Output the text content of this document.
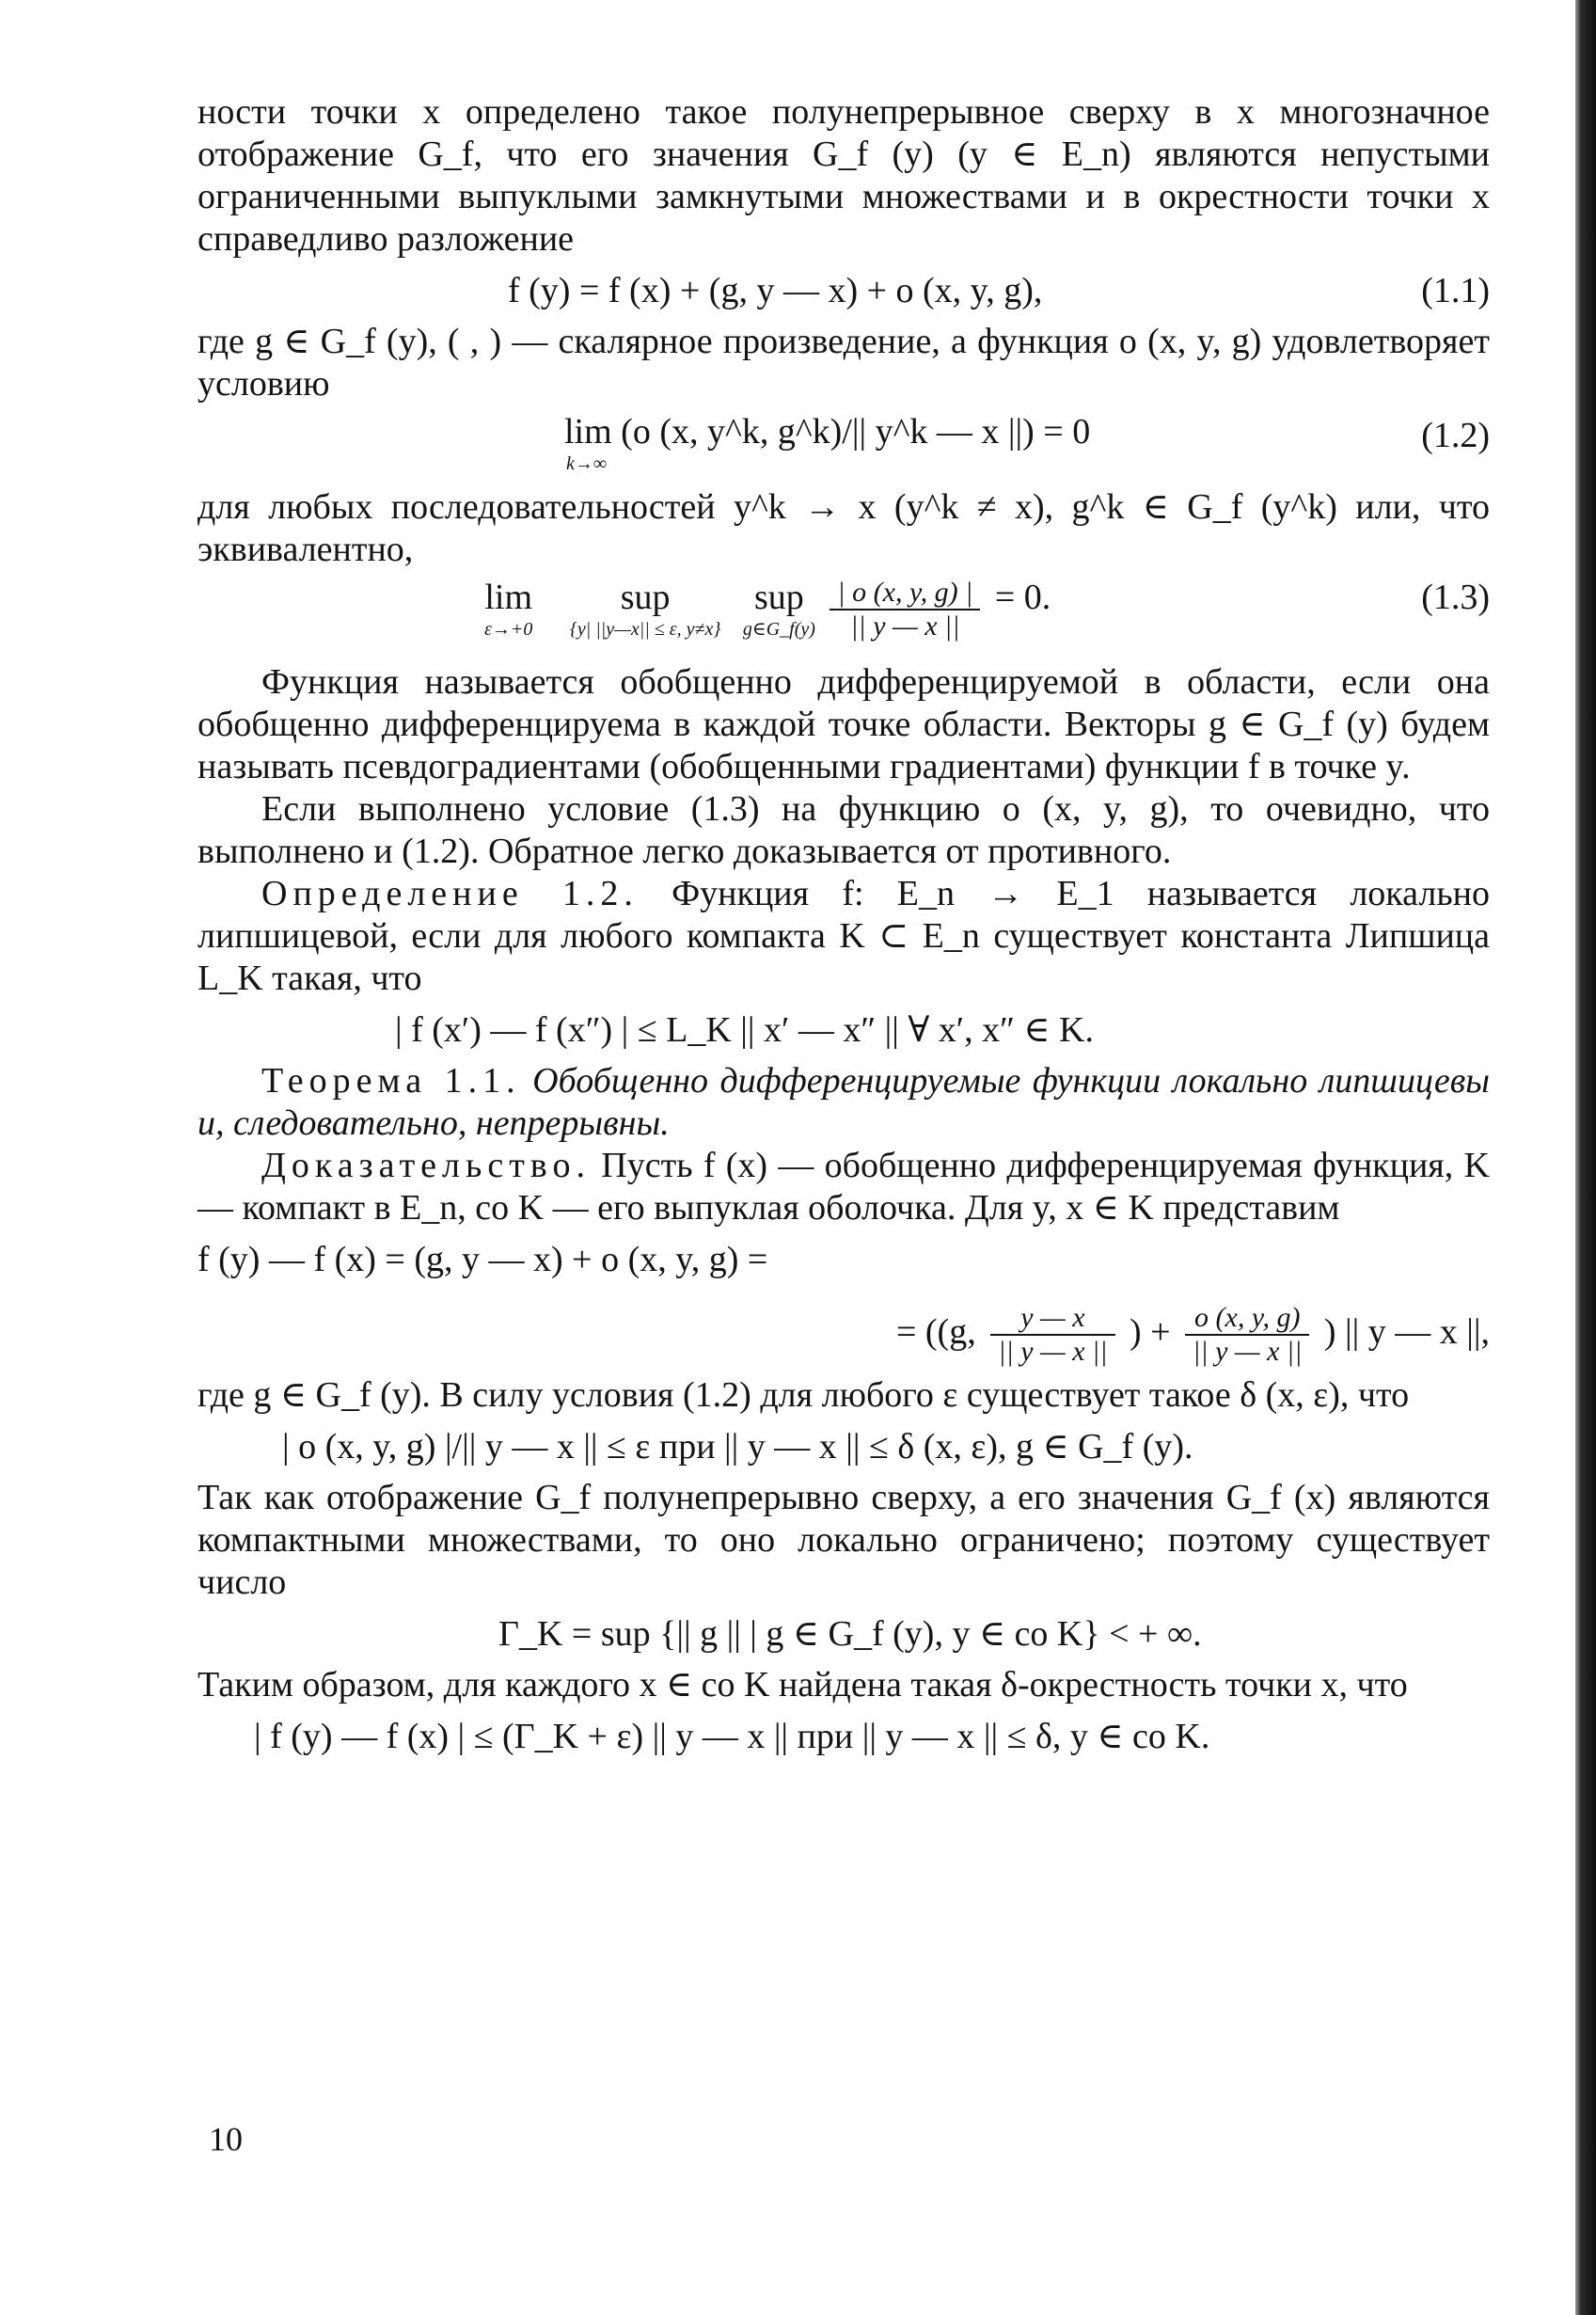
ности точки x определено такое полунепрерывное сверху в x многозначное отображение G_f, что его значения G_f (y) (y ∈ E_n) являются непустыми ограниченными выпуклыми замкнутыми множествами и в окрестности точки x справедливо разложение

f (y) = f (x) + (g, y — x) + o (x, y, g),	(1.1)

где g ∈ G_f (y), ( , ) — скалярное произведение, а функция o (x, y, g) удовлетворяет условию

lim (o (x, y^k, g^k)/|| y^k — x ||) = 0
k→∞
(1.2)

для любых последовательностей y^k → x (y^k ≠ x), g^k ∈ G_f (y^k) или, что эквивалентно,

lim
ε→+0
sup
{y| ||y—x|| ≤ ε, y≠x}
sup
g∈G_f(y)
$\frac{| o (x, y, g) |}{|| y — x ||} = 0$.	(1.3)

Функция называется обобщенно дифференцируемой в области, если она обобщенно дифференцируема в каждой точке области. Векторы g ∈ G_f (y) будем называть псевдоградиентами (обобщенными градиентами) функции f в точке y.

Если выполнено условие (1.3) на функцию o (x, y, g), то очевидно, что выполнено и (1.2). Обратное легко доказывается от противного.

Определение 1.2. Функция f: E_n → E_1 называется локально липшицевой, если для любого компакта K ⊂ E_n существует константа Липшица L_K такая, что

| f (x′) — f (x″) | ≤ L_K || x′ — x″ || ∀ x′, x″ ∈ K.

Теорема 1.1. Обобщенно дифференцируемые функции локально липшицевы и, следовательно, непрерывны.

Доказательство. Пусть f (x) — обобщенно дифференцируемая функция, K — компакт в E_n, co K — его выпуклая оболочка. Для y, x ∈ K представим

f (y) — f (x) = (g, y — x) + o (x, y, g) =
= ((g, $\frac{y — x}{|| y — x ||}$ ) + $\frac{o (x, y, g)}{|| y — x ||}$ ) || y — x ||,

где g ∈ G_f (y). В силу условия (1.2) для любого ε существует такое δ (x, ε), что

| o (x, y, g) |/|| y — x || ≤ ε при || y — x || ≤ δ (x, ε), g ∈ G_f (y).

Так как отображение G_f полунепрерывно сверху, а его значения G_f (x) являются компактными множествами, то оно локально ограничено; поэтому существует число

Γ_K = sup {|| g || | g ∈ G_f (y), y ∈ co K} < + ∞.

Таким образом, для каждого x ∈ co K найдена такая δ-окрестность точки x, что

| f (y) — f (x) | ≤ (Γ_K + ε) || y — x || при || y — x || ≤ δ, y ∈ co K.
10
